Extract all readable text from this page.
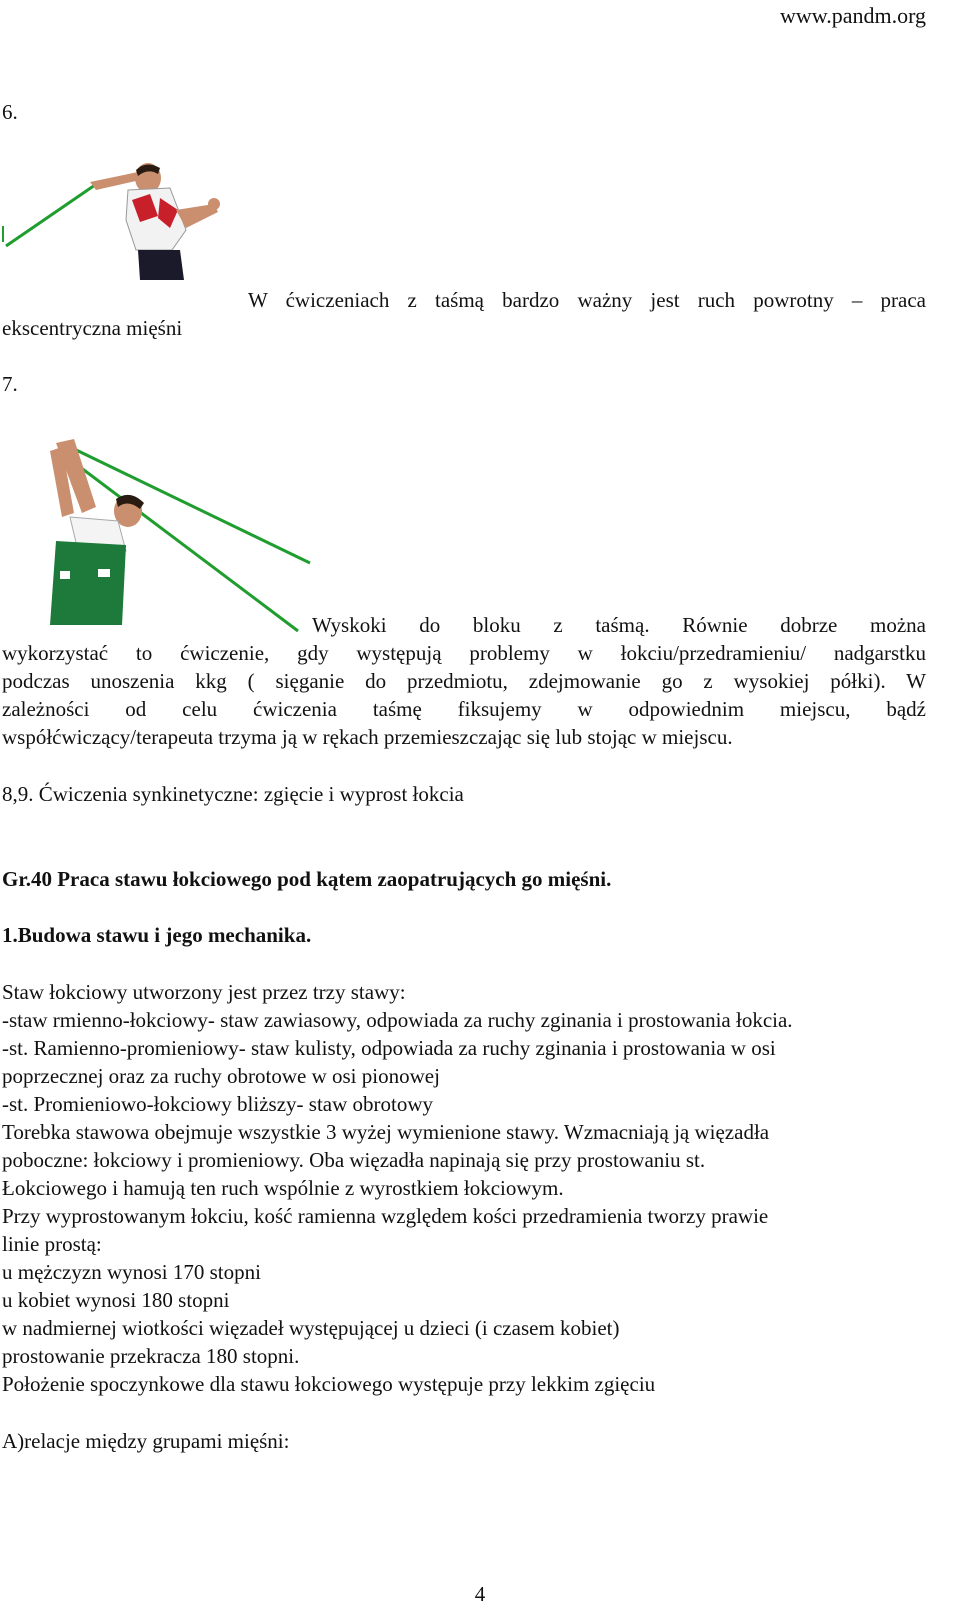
www.pandm.org
6.
W ćwiczeniach z taśmą bardzo ważny jest ruch powrotny – praca
ekscentryczna mięśni
7.
Wyskoki do bloku z taśmą. Równie dobrze można
wykorzystać to ćwiczenie, gdy występują problemy w łokciu/przedramieniu/ nadgarstku
podczas unoszenia kkg ( sięganie do przedmiotu, zdejmowanie go z wysokiej półki). W
zależności od celu ćwiczenia taśmę fiksujemy w odpowiednim miejscu, bądź
współćwiczący/terapeuta trzyma ją w rękach przemieszczając się lub stojąc w miejscu.
8,9. Ćwiczenia synkinetyczne: zgięcie i wyprost łokcia
Gr.40 Praca stawu łokciowego pod kątem zaopatrujących go mięśni.
1.Budowa stawu i jego mechanika.
Staw łokciowy utworzony jest przez trzy stawy:
-staw rmienno-łokciowy- staw zawiasowy, odpowiada za ruchy zginania i prostowania łokcia.
-st. Ramienno-promieniowy- staw kulisty, odpowiada za ruchy zginania i prostowania w osi
poprzecznej oraz za ruchy obrotowe w osi pionowej
-st. Promieniowo-łokciowy bliższy- staw obrotowy
Torebka stawowa obejmuje wszystkie 3 wyżej wymienione stawy. Wzmacniają ją więzadła
poboczne: łokciowy i promieniowy. Oba więzadła napinają się przy prostowaniu st.
Łokciowego i hamują ten ruch wspólnie z wyrostkiem łokciowym.
Przy wyprostowanym łokciu, kość ramienna względem kości przedramienia tworzy prawie
linie prostą:
u mężczyzn wynosi 170 stopni
u kobiet wynosi 180 stopni
w nadmiernej wiotkości więzadeł występującej u dzieci (i czasem kobiet)
prostowanie przekracza 180 stopni.
Położenie spoczynkowe dla stawu łokciowego występuje przy lekkim zgięciu
A)relacje między grupami mięśni:
4
